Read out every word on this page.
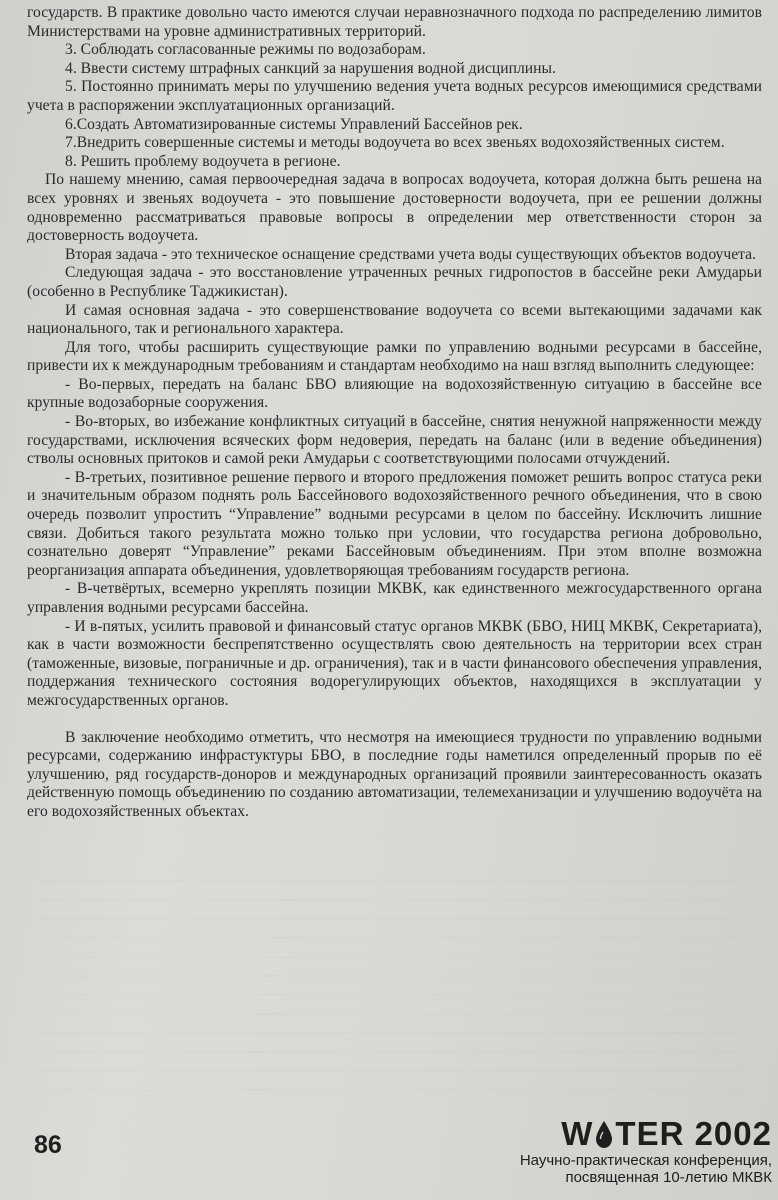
государств. В практике довольно часто имеются случаи неравнозначного подхода по распределению лимитов Министерствами на уровне административных территорий.

3. Соблюдать согласованные режимы по водозаборам.

4. Ввести систему штрафных санкций за нарушения водной дисциплины.

5. Постоянно принимать меры по улучшению ведения учета водных ресурсов имеющимися средствами учета в распоряжении эксплуатационных организаций.

6.Создать Автоматизированные системы Управлений Бассейнов рек.

7.Внедрить совершенные системы и методы водоучета во всех звеньях водохозяйственных систем.

8. Решить проблему водоучета в регионе.

По нашему мнению, самая первоочередная задача в вопросах водоучета, которая должна быть решена на всех уровнях и звеньях водоучета - это повышение достоверности водоучета, при ее решении должны одновременно рассматриваться правовые вопросы в определении мер ответственности сторон за достоверность водоучета.

Вторая задача - это техническое оснащение средствами учета воды существующих объектов водоучета.

Следующая задача - это восстановление утраченных речных гидропостов в бассейне реки Амударьи (особенно в Республике Таджикистан).

И самая основная задача - это совершенствование водоучета со всеми вытекающими задачами как национального, так и регионального характера.

Для того, чтобы расширить существующие рамки по управлению водными ресурсами в бассейне, привести их к международным требованиям и стандартам необходимо на наш взгляд выполнить следующее:

- Во-первых, передать на баланс БВО влияющие на водохозяйственную ситуацию в бассейне все крупные водозаборные сооружения.

- Во-вторых, во избежание конфликтных ситуаций в бассейне, снятия ненужной напряженности между государствами, исключения всяческих форм недоверия, передать на баланс (или в ведение объединения) стволы основных притоков и самой реки Амударьи с соответствующими полосами отчуждений.

- В-третьих, позитивное решение первого и второго предложения поможет решить вопрос статуса реки и значительным образом поднять роль Бассейнового водохозяйственного речного объединения, что в свою очередь позволит упростить “Управление” водными ресурсами в целом по бассейну. Исключить лишние связи. Добиться такого результата можно только при условии, что государства региона добровольно, сознательно доверят “Управление” реками Бассейновым объединениям. При этом вполне возможна реорганизация аппарата объединения, удовлетворяющая требованиям государств региона.

- В-четвёртых, всемерно укреплять позиции МКВК, как единственного межгосударственного органа управления водными ресурсами бассейна.

- И в-пятых, усилить правовой и финансовый статус органов МКВК (БВО, НИЦ МКВК, Секретариата), как в части возможности беспрепятственно осуществлять свою деятельность на территории всех стран (таможенные, визовые, пограничные и др. ограничения), так и в части финансового обеспечения управления, поддержания технического состояния водорегулирующих объектов, находящихся в эксплуатации у межгосударственных органов.

В заключение необходимо отметить, что несмотря на имеющиеся трудности по управлению водными ресурсами, содержанию инфрастуктуры БВО, в последние годы наметился определенный прорыв по её улучшению, ряд государств-доноров и международных организаций проявили заинтересованность оказать действенную помощь объединению по созданию автоматизации, телемеханизации и улучшению водоучёта на его водохозяйственных объектах.

86	W TER 2002
Научно-практическая конференция,
посвященная 10-летию МКВК
